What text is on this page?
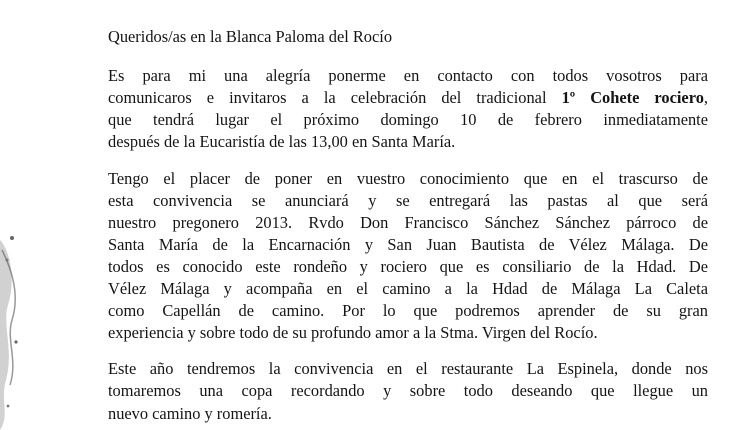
Queridos/as en la Blanca Paloma del Rocío
Es para mi una alegría ponerme en contacto con todos vosotros para
comunicaros e invitaros a la celebración del tradicional 1º Cohete rociero,
que tendrá lugar el próximo domingo 10 de febrero inmediatamente
después de la Eucaristía de las 13,00 en Santa María.
Tengo el placer de poner en vuestro conocimiento que en el trascurso de
esta convivencia se anunciará y se entregará las pastas al que será
nuestro pregonero 2013. Rvdo Don Francisco Sánchez Sánchez párroco de
Santa María de la Encarnación y San Juan Bautista de Vélez Málaga. De
todos es conocido este rondeño y rociero que es consiliario de la Hdad. De
Vélez Málaga y acompaña en el camino a la Hdad de Málaga La Caleta
como Capellán de camino. Por lo que podremos aprender de su gran
experiencia y sobre todo de su profundo amor a la Stma. Virgen del Rocío.
Este año tendremos la convivencia en el restaurante La Espinela, donde nos
tomaremos una copa recordando y sobre todo deseando que llegue un
nuevo camino y romería.
